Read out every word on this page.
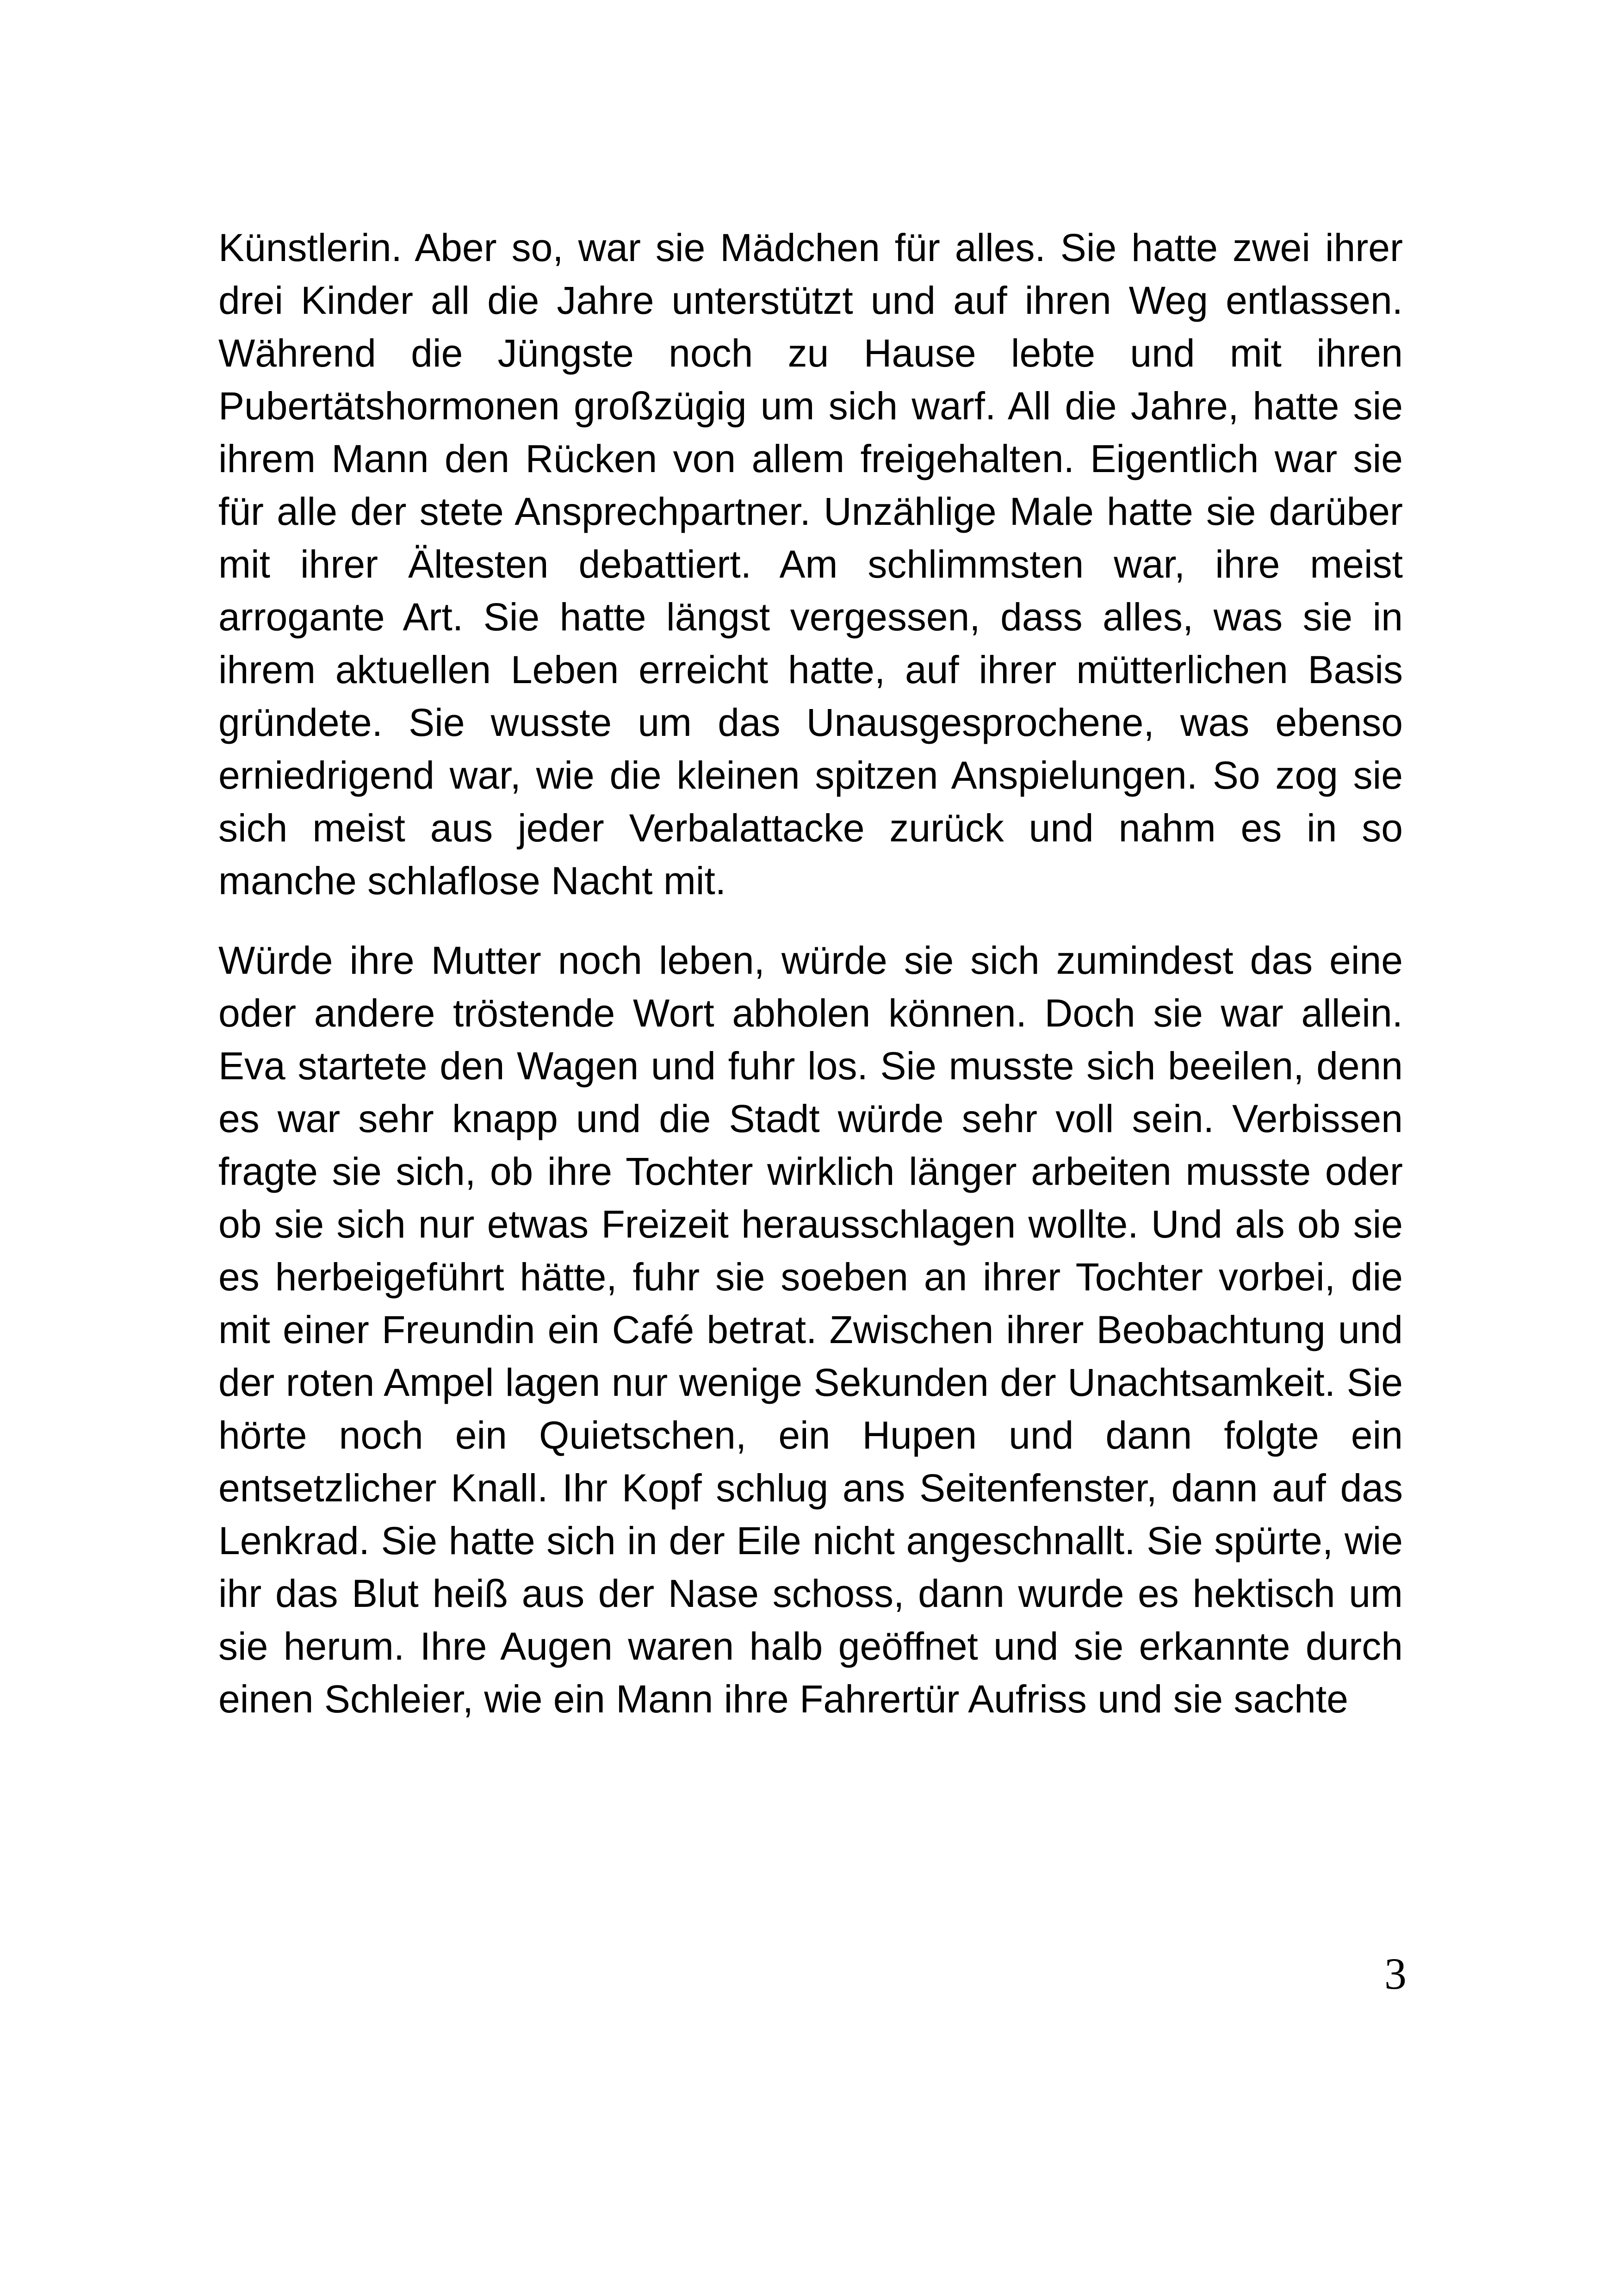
Künstlerin. Aber so, war sie Mädchen für alles. Sie hatte zwei ihrer drei Kinder all die Jahre unterstützt und auf ihren Weg entlassen. Während die Jüngste noch zu Hause lebte und mit ihren Pubertätshormonen großzügig um sich warf. All die Jahre, hatte sie ihrem Mann den Rücken von allem freigehalten. Eigentlich war sie für alle der stete Ansprechpartner. Unzählige Male hatte sie darüber mit ihrer Ältesten debattiert. Am schlimmsten war, ihre meist arrogante Art. Sie hatte längst vergessen, dass alles, was sie in ihrem aktuellen Leben erreicht hatte, auf ihrer mütterlichen Basis gründete. Sie wusste um das Unausgesprochene, was ebenso erniedrigend war, wie die kleinen spitzen Anspielungen. So zog sie sich meist aus jeder Verbalattacke zurück und nahm es in so manche schlaflose Nacht mit.

Würde ihre Mutter noch leben, würde sie sich zumindest das eine oder andere tröstende Wort abholen können. Doch sie war allein. Eva startete den Wagen und fuhr los. Sie musste sich beeilen, denn es war sehr knapp und die Stadt würde sehr voll sein. Verbissen fragte sie sich, ob ihre Tochter wirklich länger arbeiten musste oder ob sie sich nur etwas Freizeit herausschlagen wollte. Und als ob sie es herbeigeführt hätte, fuhr sie soeben an ihrer Tochter vorbei, die mit einer Freundin ein Café betrat. Zwischen ihrer Beobachtung und der roten Ampel lagen nur wenige Sekunden der Unachtsamkeit. Sie hörte noch ein Quietschen, ein Hupen und dann folgte ein entsetzlicher Knall. Ihr Kopf schlug ans Seitenfenster, dann auf das Lenkrad. Sie hatte sich in der Eile nicht angeschnallt. Sie spürte, wie ihr das Blut heiß aus der Nase schoss, dann wurde es hektisch um sie herum. Ihre Augen waren halb geöffnet und sie erkannte durch einen Schleier, wie ein Mann ihre Fahrertür Aufriss und sie sachte

3
